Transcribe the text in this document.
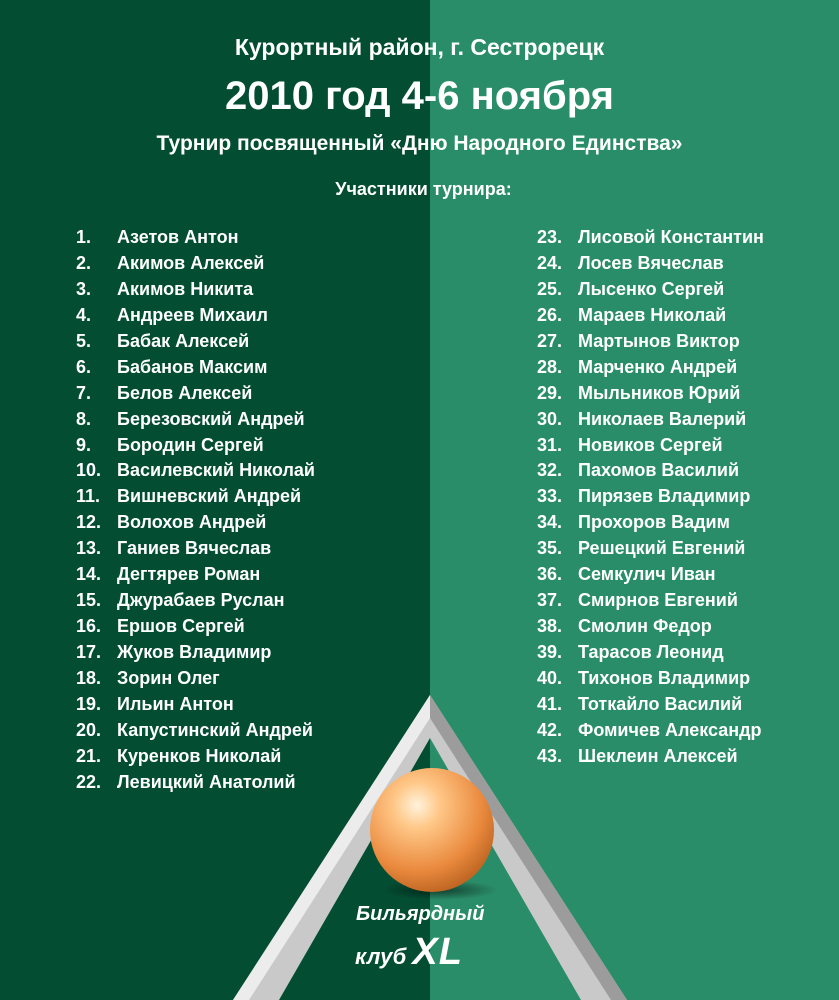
Курортный район, г. Сестрорецк
2010 год 4-6 ноября
Турнир посвященный «Дню Народного Единства»
Участники турнира:
1. Азетов Антон
2. Акимов Алексей
3. Акимов Никита
4. Андреев Михаил
5. Бабак Алексей
6. Бабанов Максим
7. Белов Алексей
8. Березовский Андрей
9. Бородин Сергей
10. Василевский Николай
11. Вишневский Андрей
12. Волохов Андрей
13. Ганиев Вячеслав
14. Дегтярев Роман
15. Джурабаев Руслан
16. Ершов Сергей
17. Жуков Владимир
18. Зорин Олег
19. Ильин Антон
20. Капустинский Андрей
21. Куренков Николай
22. Левицкий Анатолий
23. Лисовой Константин
24. Лосев Вячеслав
25. Лысенко Сергей
26. Мараев Николай
27. Мартынов Виктор
28. Марченко Андрей
29. Мыльников Юрий
30. Николаев Валерий
31. Новиков Сергей
32. Пахомов Василий
33. Пирязев Владимир
34. Прохоров Вадим
35. Решецкий Евгений
36. Семкулич Иван
37. Смирнов Евгений
38. Смолин Федор
39. Тарасов Леонид
40. Тихонов Владимир
41. Тоткайло Василий
42. Фомичев Александр
43. Шеклеин Алексей
Бильярдный
клуб XL
